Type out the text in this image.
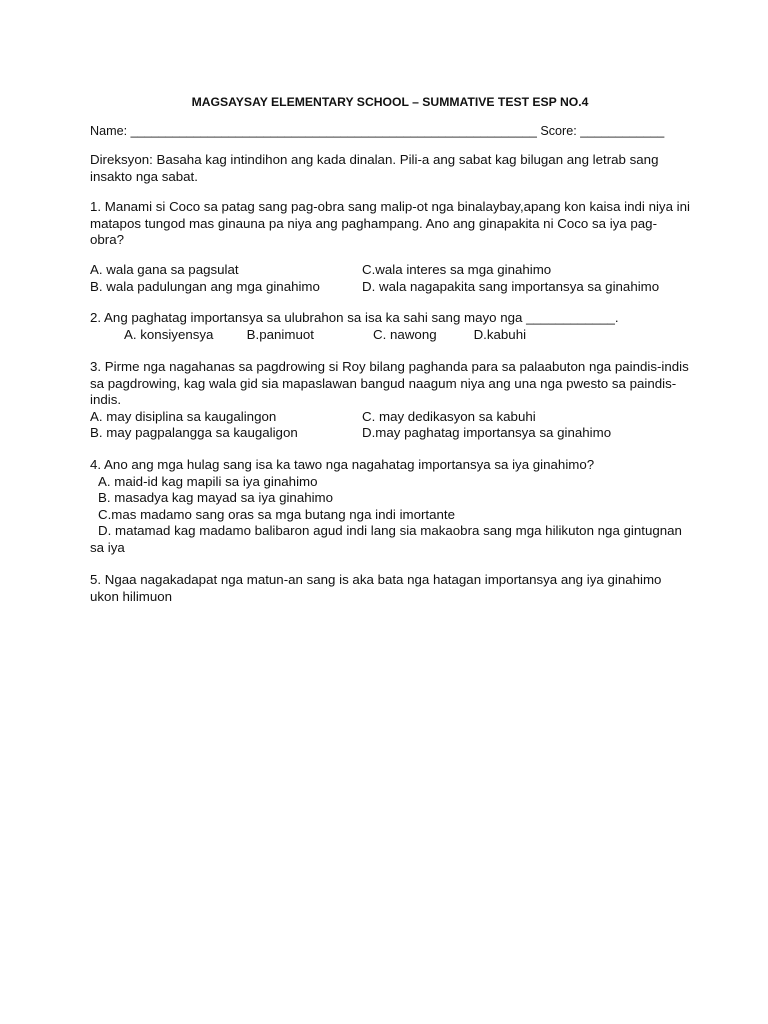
MAGSAYSAY ELEMENTARY SCHOOL – SUMMATIVE TEST ESP NO.4
Name: __________________________________________________________ Score: ____________

Direksyon: Basaha kag intindihon ang kada dinalan. Pili-a ang sabat kag bilugan ang letrab sang insakto nga sabat.

1. Manami si Coco sa patag sang pag-obra sang malip-ot nga binalaybay,apang kon kaisa indi niya ini matapos tungod mas ginauna pa niya ang paghampang. Ano ang ginapakita ni Coco sa iya pag-obra?

A. wala gana sa pagsulat	C.wala interes sa mga ginahimo
B. wala padulungan ang mga ginahimo	D. wala nagapakita sang importansya sa ginahimo

2. Ang paghatag importansya sa ulubrahon sa isa ka sahi sang mayo nga ____________.

A. konsiyensya         B.panimuot                C. nawong          D.kabuhi

3. Pirme nga nagahanas sa pagdrowing si Roy bilang paghanda para sa palaabuton nga paindis-indis sa pagdrowing, kag wala gid sia mapaslawan bangud naagum niya ang una nga pwesto sa paindis-indis.

A. may disiplina sa kaugalingon	C. may dedikasyon sa kabuhi
B. may pagpalangga sa kaugaligon	D.may paghatag importansya sa ginahimo

4. Ano ang mga hulag sang isa ka tawo nga nagahatag importansya sa iya ginahimo?

A. maid-id kag mapili sa iya ginahimo
B. masadya kag mayad sa iya ginahimo
C.mas madamo sang oras sa mga butang nga indi imortante
D. matamad kag madamo balibaron agud indi lang sia makaobra sang mga hilikuton nga gintugnan sa iya

5. Ngaa nagakadapat nga matun-an sang is aka bata nga hatagan importansya ang iya ginahimo ukon hilimuon
